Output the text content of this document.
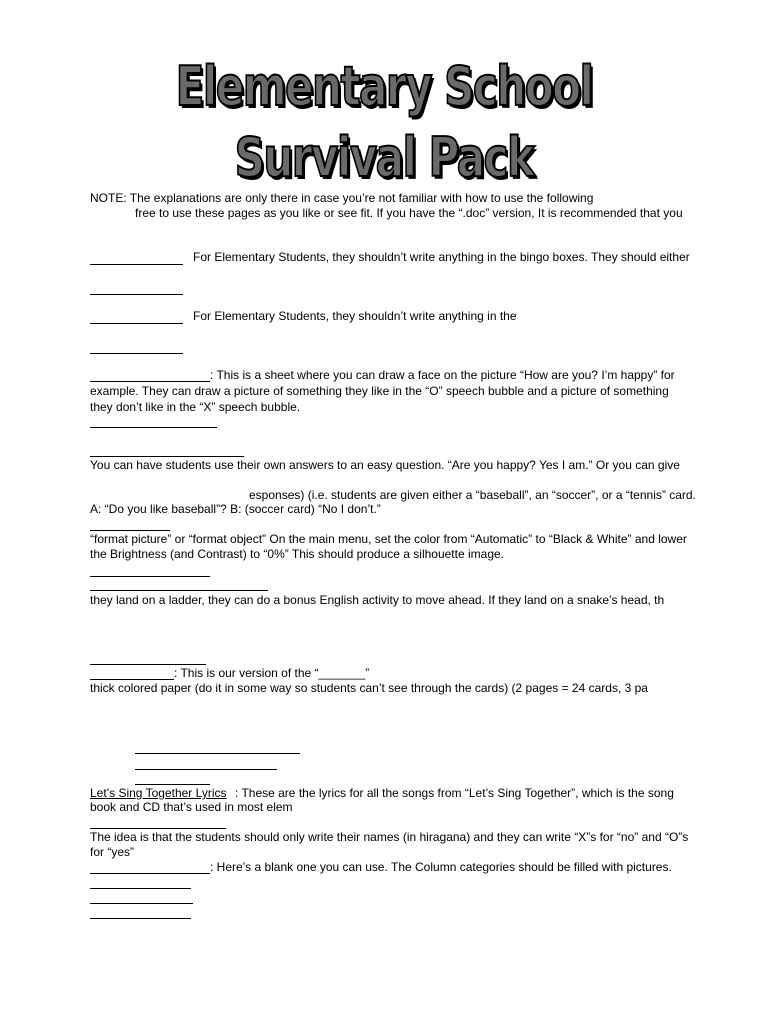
Elementary School
Survival Pack
NOTE: The explanations are only there in case you’re not familiar with how to use the following
free to use these pages as you like or see fit. If you have the “.doc” version, It is recommended that you
For Elementary Students, they shouldn’t write anything in the bingo boxes. They should either
For Elementary Students, they shouldn’t write anything in the
: This is a sheet where you can draw a face on the picture “How are you? I’m happy” for
example. They can draw a picture of something they like in the “O” speech bubble and a picture of something
they don’t like in the “X” speech bubble.
You can have students use their own answers to an easy question. “Are you happy? Yes I am.” Or you can give
esponses) (i.e. students are given either a “baseball”, an “soccer”, or a “tennis” card.
A: “Do you like baseball”? B: (soccer card) “No I don’t.”
“format picture” or “format object” On the main menu, set the color from “Automatic” to “Black & White” and lower
the Brightness (and Contrast) to “0%” This should produce a silhouette image.
they land on a ladder, they can do a bonus English activity to move ahead. If they land on a snake’s head, th
: This is our version of the “_______”
thick colored paper (do it in some way so students can’t see through the cards) (2 pages = 24 cards, 3 pa
Let’s Sing Together Lyrics : These are the lyrics for all the songs from “Let’s Sing Together”, which is the song
book and CD that’s used in most elem
The idea is that the students should only write their names (in hiragana) and they can write “X”s for “no” and “O”s
for “yes”
: Here’s a blank one you can use. The Column categories should be filled with pictures.
